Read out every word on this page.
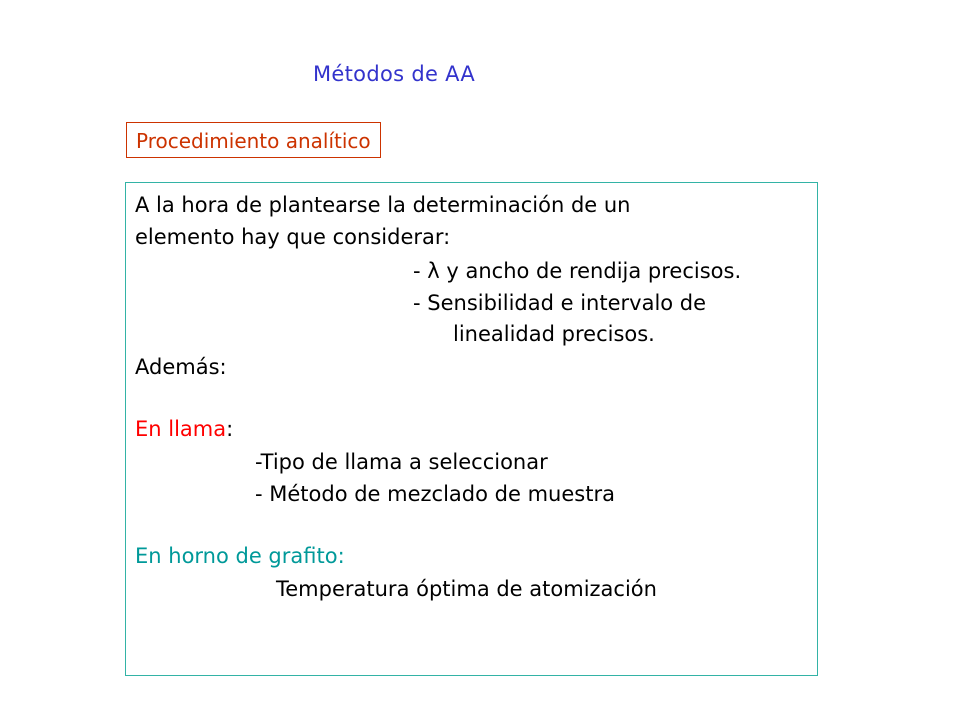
Métodos de AA
Procedimiento analítico
A la hora de plantearse la determinación de un
elemento hay que considerar:
- λ y ancho de rendija precisos.
- Sensibilidad e intervalo de
linealidad precisos.
Además:
En llama:
-Tipo de llama a seleccionar
- Método de mezclado de muestra
En horno de grafito:
Temperatura óptima de atomización
